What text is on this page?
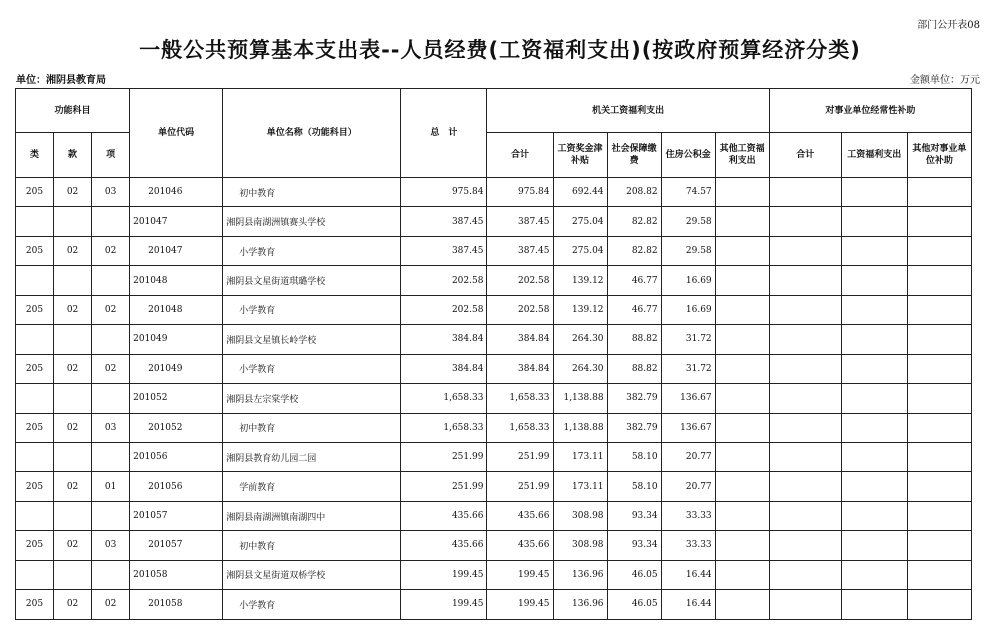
部门公开表08
一般公共预算基本支出表--人员经费(工资福利支出)(按政府预算经济分类)
单位：湘阴县教育局	金额单位：万元
功能科目			单位代码	单位名称（功能科目）	总　计	机关工资福利支出					对事业单位经常性补助		
类	款	项				合计	工资奖金津补贴	社会保障缴费	住房公积金	其他工资福利支出	合计	工资福利支出	其他对事业单位补助
205	02	03	201046	初中教育	975.84	975.84	692.44	208.82	74.57				
			201047	湘阴县南湖洲镇赛头学校	387.45	387.45	275.04	82.82	29.58				
205	02	02	201047	小学教育	387.45	387.45	275.04	82.82	29.58				
			201048	湘阴县文星街道琪璐学校	202.58	202.58	139.12	46.77	16.69				
205	02	02	201048	小学教育	202.58	202.58	139.12	46.77	16.69				
			201049	湘阴县文星镇长岭学校	384.84	384.84	264.30	88.82	31.72				
205	02	02	201049	小学教育	384.84	384.84	264.30	88.82	31.72				
			201052	湘阴县左宗棠学校	1,658.33	1,658.33	1,138.88	382.79	136.67				
205	02	03	201052	初中教育	1,658.33	1,658.33	1,138.88	382.79	136.67				
			201056	湘阴县教育幼儿园二园	251.99	251.99	173.11	58.10	20.77				
205	02	01	201056	学前教育	251.99	251.99	173.11	58.10	20.77				
			201057	湘阴县南湖洲镇南湖四中	435.66	435.66	308.98	93.34	33.33				
205	02	03	201057	初中教育	435.66	435.66	308.98	93.34	33.33				
			201058	湘阴县文星街道双桥学校	199.45	199.45	136.96	46.05	16.44				
205	02	02	201058	小学教育	199.45	199.45	136.96	46.05	16.44				
